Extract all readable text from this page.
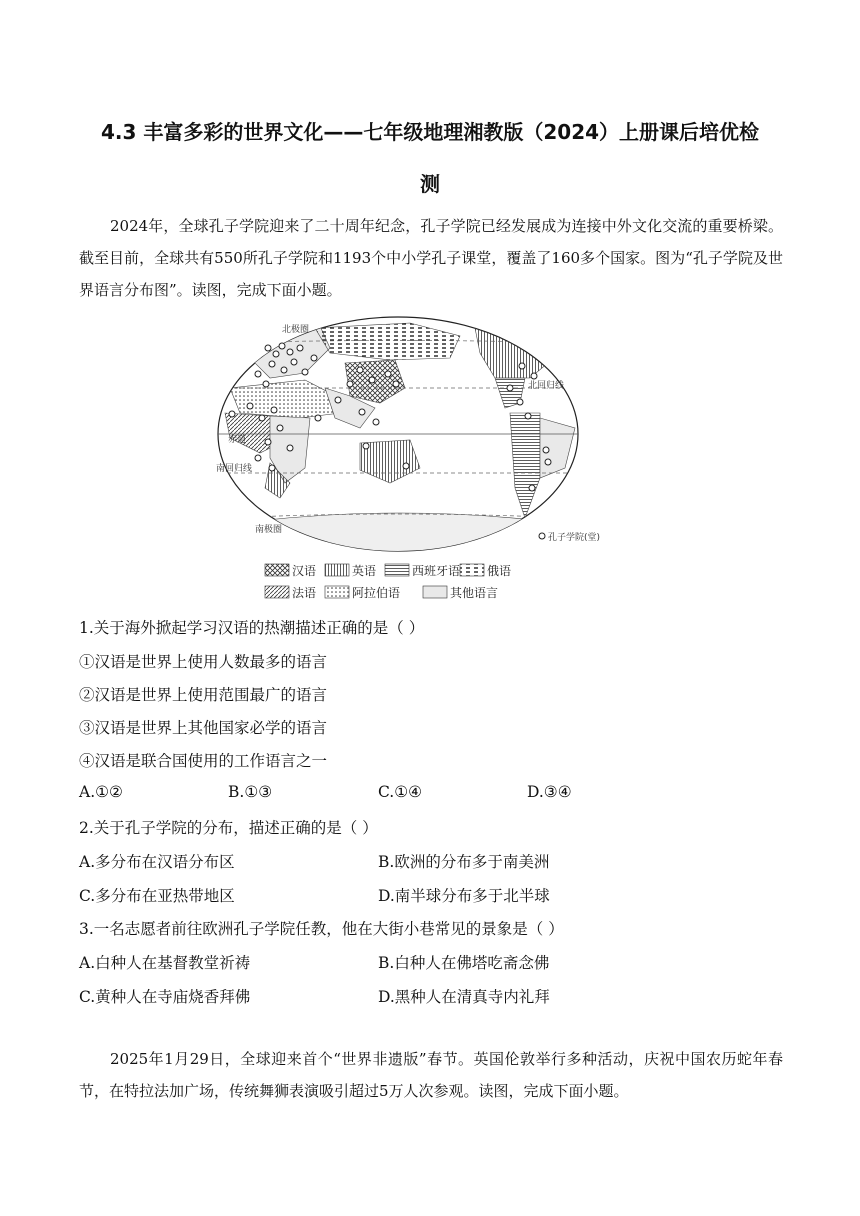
4.3 丰富多彩的世界文化——七年级地理湘教版（2024）上册课后培优检
测
2024年，全球孔子学院迎来了二十周年纪念，孔子学院已经发展成为连接中外文化交流的重要桥梁。截至目前，全球共有550所孔子学院和1193个中小学孔子课堂，覆盖了160多个国家。图为“孔子学院及世界语言分布图”。读图，完成下面小题。
北极圈
北回归线
赤道
南回归线
南极圈
孔子学院(堂)
汉语	英语	西班牙语 俄语
法语	阿拉伯语	其他语言
1.关于海外掀起学习汉语的热潮描述正确的是（ ）
①汉语是世界上使用人数最多的语言
②汉语是世界上使用范围最广的语言
③汉语是世界上其他国家必学的语言
④汉语是联合国使用的工作语言之一
A.①②	B.①③	C.①④	D.③④
2.关于孔子学院的分布，描述正确的是（ ）
A.多分布在汉语分布区	B.欧洲的分布多于南美洲
C.多分布在亚热带地区	D.南半球分布多于北半球
3.一名志愿者前往欧洲孔子学院任教，他在大街小巷常见的景象是（ ）
A.白种人在基督教堂祈祷	B.白种人在佛塔吃斋念佛
C.黄种人在寺庙烧香拜佛	D.黑种人在清真寺内礼拜
2025年1月29日，全球迎来首个“世界非遗版”春节。英国伦敦举行多种活动，庆祝中国农历蛇年春节，在特拉法加广场，传统舞狮表演吸引超过5万人次参观。读图，完成下面小题。
